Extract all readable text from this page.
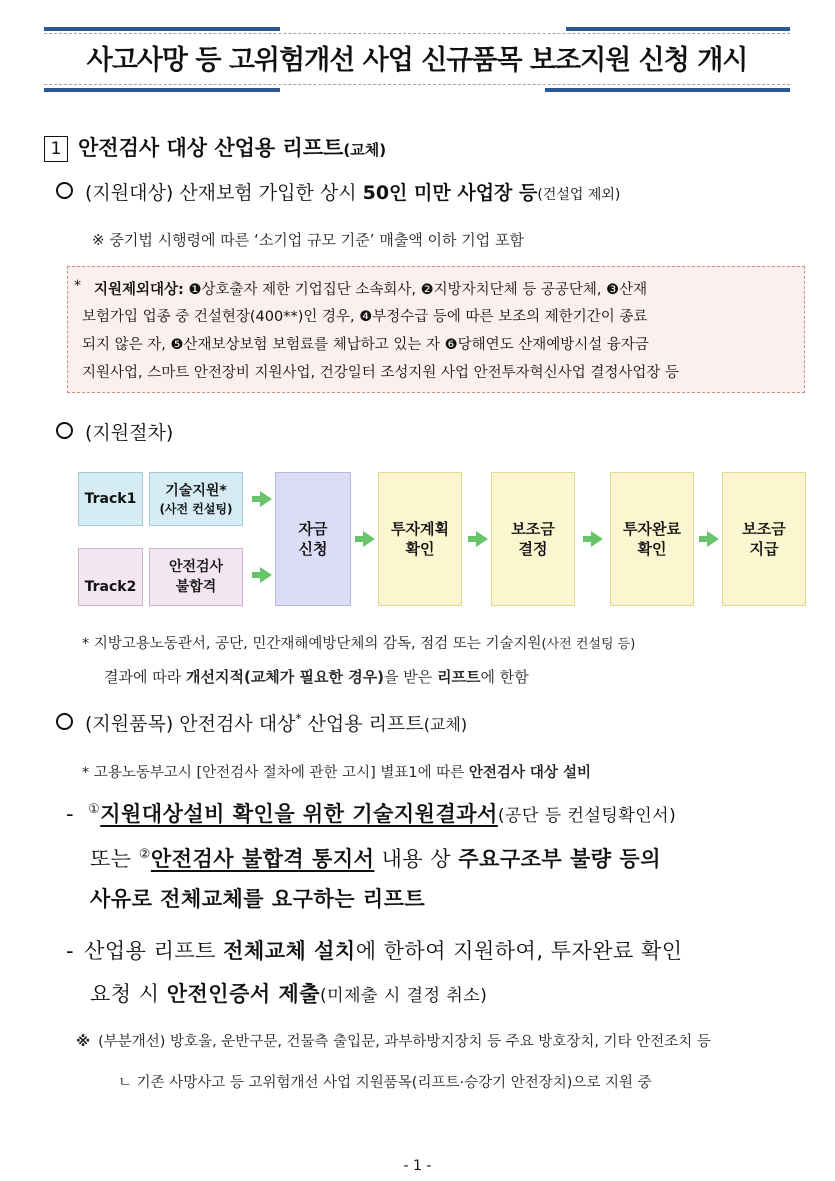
사고사망 등 고위험개선 사업 신규품목 보조지원 신청 개시
1 안전검사 대상 산업용 리프트(교체)
(지원대상) 산재보험 가입한 상시 50인 미만 사업장 등(건설업 제외)
※ 중기법 시행령에 따른 ‘소기업 규모 기준’ 매출액 이하 기업 포함
* 지원제외대상: ❶상호출자 제한 기업집단 소속회사, ❷지방자치단체 등 공공단체, ❸산재
보험가입 업종 중 건설현장(400**)인 경우, ❹부정수급 등에 따른 보조의 제한기간이 종료
되지 않은 자, ❺산재보상보험 보험료를 체납하고 있는 자 ❻당해연도 산재예방시설 융자금
지원사업, 스마트 안전장비 지원사업, 건강일터 조성지원 사업 안전투자혁신사업 결정사업장 등
(지원절차)
Track1	기술지원*
(사전 컨설팅)
Track2
안전검사
불합격
자금
신청
투자계획
확인
보조금
결정
투자완료
확인
보조금
지급
* 지방고용노동관서, 공단, 민간재해예방단체의 감독, 점검 또는 기술지원(사전 컨설팅 등)
결과에 따라 개선지적(교체가 필요한 경우)을 받은 리프트에 한함
(지원품목) 안전검사 대상* 산업용 리프트(교체)
* 고용노동부고시 [안전검사 절차에 관한 고시] 별표1에 따른 안전검사 대상 설비
- ①지원대상설비 확인을 위한 기술지원결과서(공단 등 컨설팅확인서)
또는 ②안전검사 불합격 통지서 내용 상 주요구조부 불량 등의
사유로 전체교체를 요구하는 리프트
- 산업용 리프트 전체교체 설치에 한하여 지원하여, 투자완료 확인
요청 시 안전인증서 제출(미제출 시 결정 취소)
※ (부분개선) 방호울, 운반구문, 건물측 출입문, 과부하방지장치 등 주요 방호장치, 기타 안전조치 등
ㄴ 기존 사망사고 등 고위험개선 사업 지원품목(리프트·승강기 안전장치)으로 지원 중
- 1 -
